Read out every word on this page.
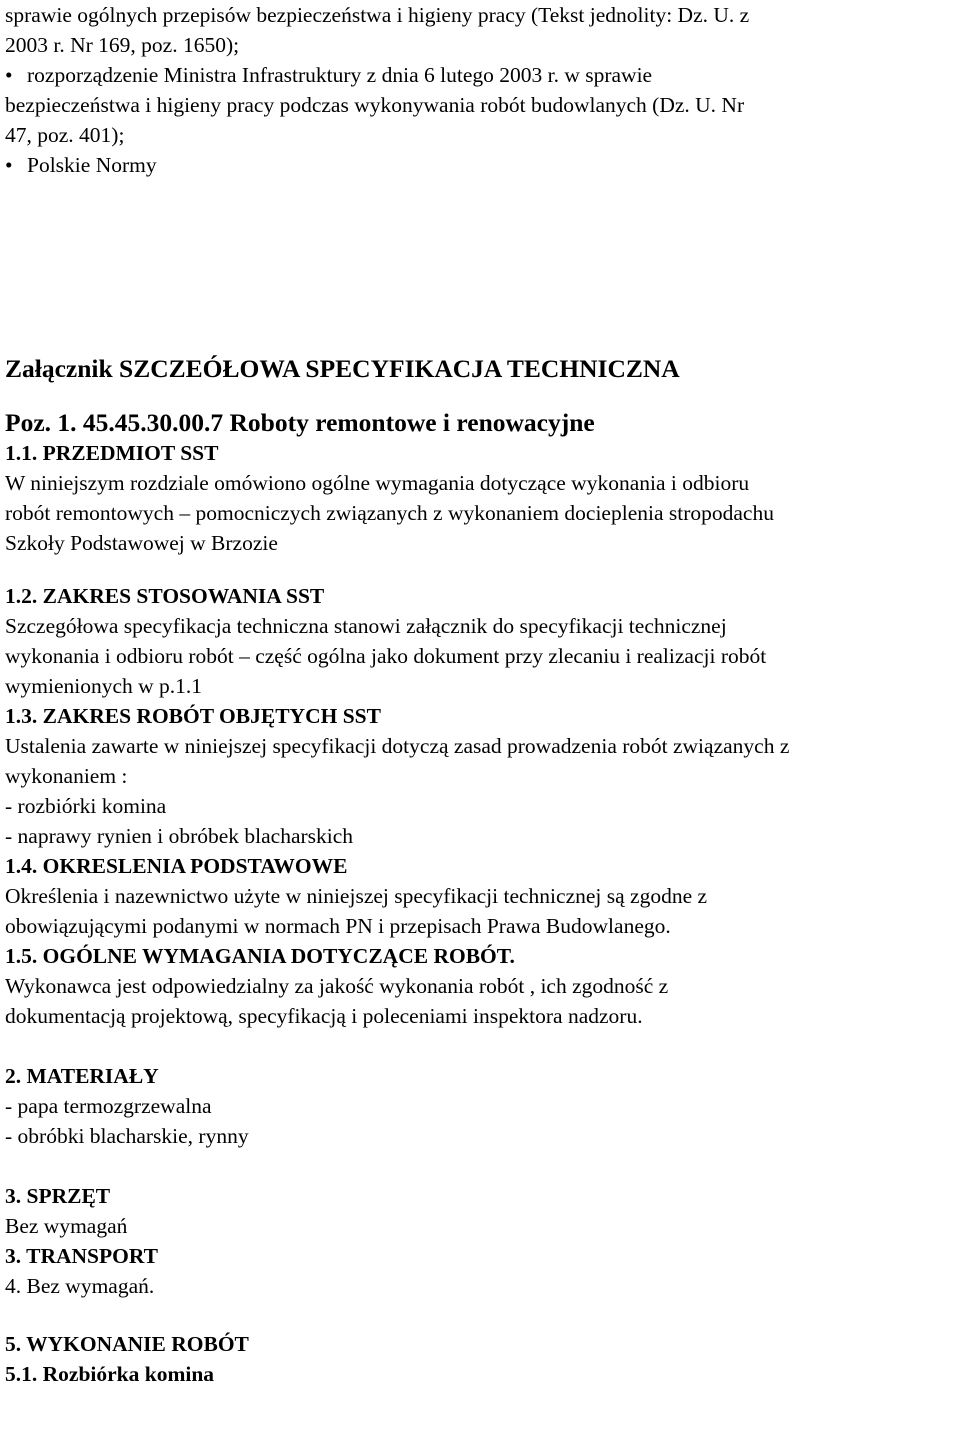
sprawie ogólnych przepisów bezpieczeństwa i higieny pracy (Tekst jednolity: Dz. U. z
2003 r. Nr 169, poz. 1650);
• rozporządzenie Ministra Infrastruktury z dnia 6 lutego 2003 r. w sprawie
bezpieczeństwa i higieny pracy podczas wykonywania robót budowlanych (Dz. U. Nr
47, poz. 401);
• Polskie Normy
Załącznik SZCZEÓŁOWA SPECYFIKACJA TECHNICZNA
Poz. 1. 45.45.30.00.7 Roboty remontowe i renowacyjne
1.1. PRZEDMIOT SST
W niniejszym rozdziale omówiono ogólne wymagania dotyczące wykonania i odbioru
robót remontowych – pomocniczych związanych z wykonaniem docieplenia stropodachu
Szkoły Podstawowej w Brzozie
1.2. ZAKRES STOSOWANIA SST
Szczegółowa specyfikacja techniczna stanowi załącznik do specyfikacji technicznej
wykonania i odbioru robót – część ogólna jako dokument przy zlecaniu i realizacji robót
wymienionych w p.1.1
1.3. ZAKRES ROBÓT OBJĘTYCH SST
Ustalenia zawarte w niniejszej specyfikacji dotyczą zasad prowadzenia robót związanych z
wykonaniem :
- rozbiórki komina
- naprawy rynien i obróbek blacharskich
1.4. OKRESLENIA PODSTAWOWE
Określenia i nazewnictwo użyte w niniejszej specyfikacji technicznej są zgodne z
obowiązującymi podanymi w normach PN i przepisach Prawa Budowlanego.
1.5. OGÓLNE WYMAGANIA DOTYCZĄCE ROBÓT.
Wykonawca jest odpowiedzialny za jakość wykonania robót , ich zgodność z
dokumentacją projektową, specyfikacją i poleceniami inspektora nadzoru.
2. MATERIAŁY
- papa termozgrzewalna
- obróbki blacharskie, rynny
3. SPRZĘT
Bez wymagań
3. TRANSPORT
4. Bez wymagań.
5. WYKONANIE ROBÓT
5.1. Rozbiórka komina
